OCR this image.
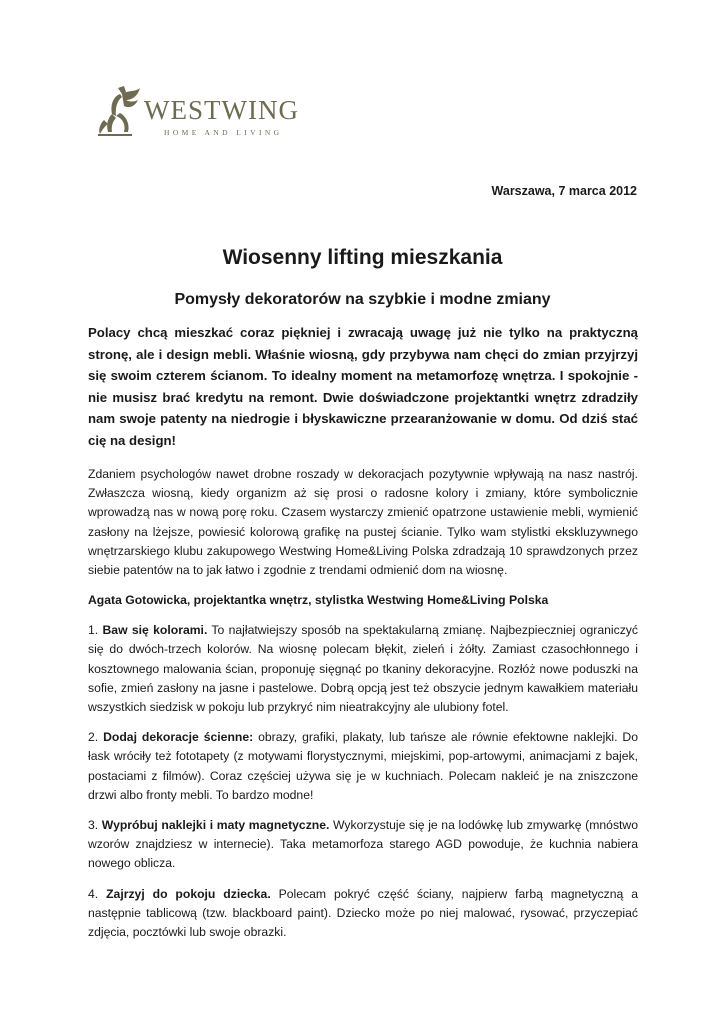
WESTWING
HOME AND LIVING
Warszawa, 7 marca 2012
Wiosenny lifting mieszkania
Pomysły dekoratorów na szybkie i modne zmiany

Polacy chcą mieszkać coraz piękniej i zwracają uwagę już nie tylko na praktyczną stronę, ale i design mebli. Właśnie wiosną, gdy przybywa nam chęci do zmian przyjrzyj się swoim czterem ścianom. To idealny moment na metamorfozę wnętrza. I spokojnie - nie musisz brać kredytu na remont. Dwie doświadczone projektantki wnętrz zdradziły nam swoje patenty na niedrogie i błyskawiczne przearanżowanie w domu. Od dziś stać cię na design!

Zdaniem psychologów nawet drobne roszady w dekoracjach pozytywnie wpływają na nasz nastrój. Zwłaszcza wiosną, kiedy organizm aż się prosi o radosne kolory i zmiany, które symbolicznie wprowadzą nas w nową porę roku. Czasem wystarczy zmienić opatrzone ustawienie mebli, wymienić zasłony na lżejsze, powiesić kolorową grafikę na pustej ścianie. Tylko wam stylistki ekskluzywnego wnętrzarskiego klubu zakupowego Westwing Home&Living Polska zdradzają 10 sprawdzonych przez siebie patentów na to jak łatwo i zgodnie z trendami odmienić dom na wiosnę.

Agata Gotowicka, projektantka wnętrz, stylistka Westwing Home&Living Polska

1. Baw się kolorami. To najłatwiejszy sposób na spektakularną zmianę. Najbezpieczniej ograniczyć się do dwóch-trzech kolorów. Na wiosnę polecam błękit, zieleń i żółty. Zamiast czasochłonnego i kosztownego malowania ścian, proponuję sięgnąć po tkaniny dekoracyjne. Rozłóż nowe poduszki na sofie, zmień zasłony na jasne i pastelowe. Dobrą opcją jest też obszycie jednym kawałkiem materiału wszystkich siedzisk w pokoju lub przykryć nim nieatrakcyjny ale ulubiony fotel.

2. Dodaj dekoracje ścienne: obrazy, grafiki, plakaty, lub tańsze ale równie efektowne naklejki. Do łask wróciły też fototapety (z motywami florystycznymi, miejskimi, pop-artowymi, animacjami z bajek, postaciami z filmów). Coraz częściej używa się je w kuchniach. Polecam nakleić je na zniszczone drzwi albo fronty mebli. To bardzo modne!

3. Wypróbuj naklejki i maty magnetyczne. Wykorzystuje się je na lodówkę lub zmywarkę (mnóstwo wzorów znajdziesz w internecie). Taka metamorfoza starego AGD powoduje, że kuchnia nabiera nowego oblicza.

4. Zajrzyj do pokoju dziecka. Polecam pokryć część ściany, najpierw farbą magnetyczną a następnie tablicową (tzw. blackboard paint). Dziecko może po niej malować, rysować, przyczepiać zdjęcia, pocztówki lub swoje obrazki.
